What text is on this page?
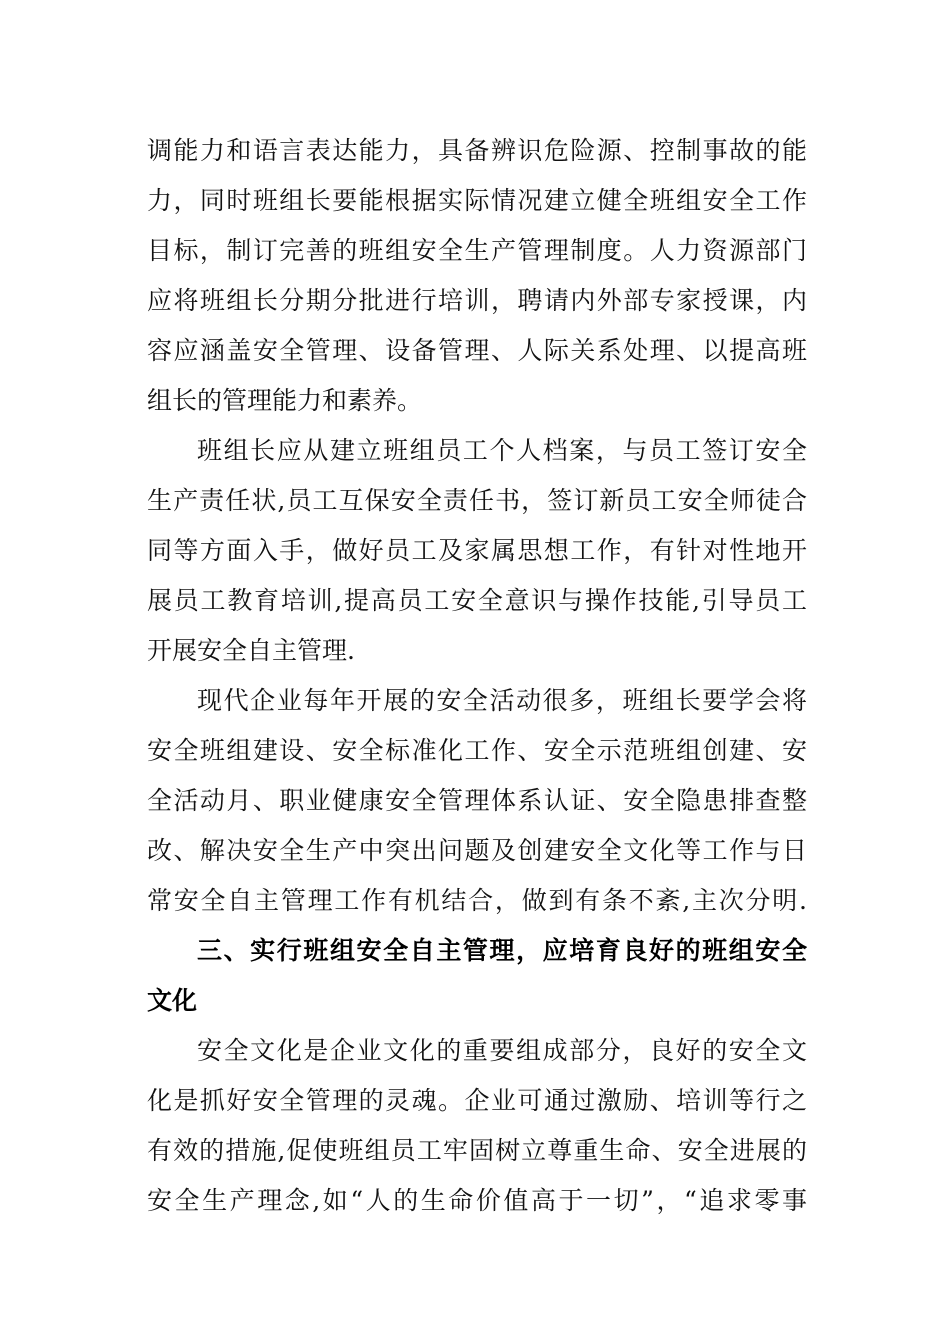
调能力和语言表达能力，具备辨识危险源、控制事故的能
力，同时班组长要能根据实际情况建立健全班组安全工作
目标，制订完善的班组安全生产管理制度。人力资源部门
应将班组长分期分批进行培训，聘请内外部专家授课，内
容应涵盖安全管理、设备管理、人际关系处理、以提高班
组长的管理能力和素养。
班组长应从建立班组员工个人档案，与员工签订安全
生产责任状,员工互保安全责任书，签订新员工安全师徒合
同等方面入手，做好员工及家属思想工作，有针对性地开
展员工教育培训,提高员工安全意识与操作技能,引导员工
开展安全自主管理.
现代企业每年开展的安全活动很多，班组长要学会将
安全班组建设、安全标准化工作、安全示范班组创建、安
全活动月、职业健康安全管理体系认证、安全隐患排查整
改、解决安全生产中突出问题及创建安全文化等工作与日
常安全自主管理工作有机结合，做到有条不紊,主次分明.
三、实行班组安全自主管理，应培育良好的班组安全
文化
安全文化是企业文化的重要组成部分，良好的安全文
化是抓好安全管理的灵魂。企业可通过激励、培训等行之
有效的措施,促使班组员工牢固树立尊重生命、安全进展的
安全生产理念,如“人的生命价值高于一切”，“追求零事
